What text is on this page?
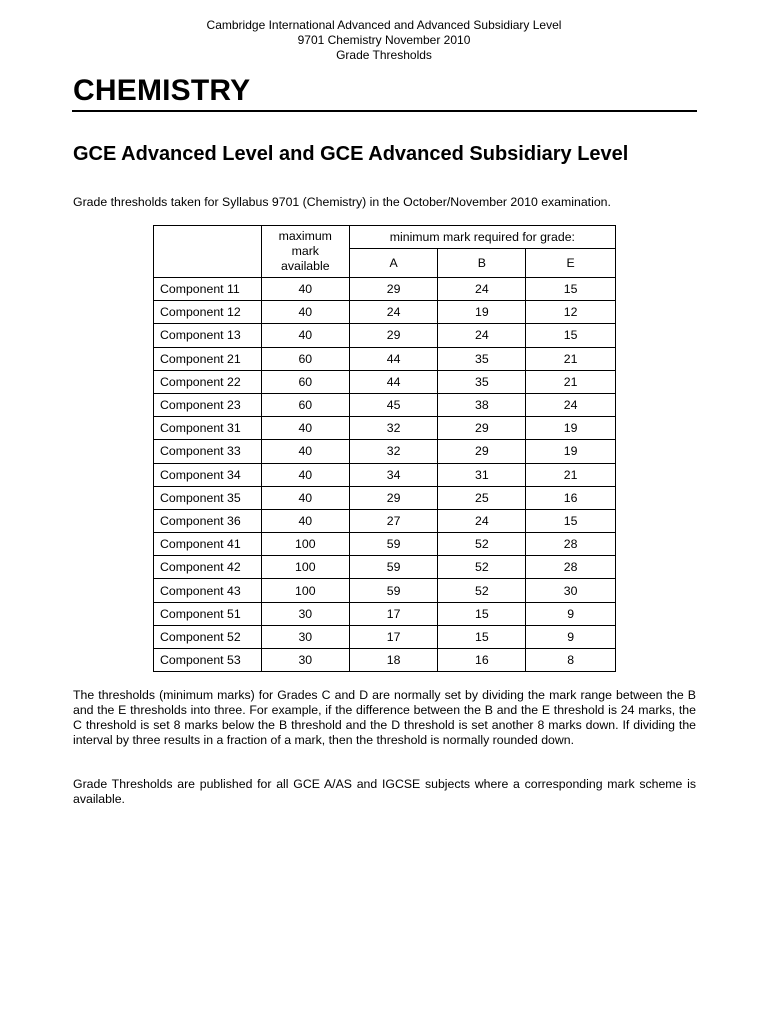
Cambridge International Advanced and Advanced Subsidiary Level
9701 Chemistry November 2010
Grade Thresholds
CHEMISTRY
GCE Advanced Level and GCE Advanced Subsidiary Level
Grade thresholds taken for Syllabus 9701 (Chemistry) in the October/November 2010 examination.

	maximum
mark
available	minimum mark required for grade:		
		A	B	E
Component 11	40	29	24	15
Component 12	40	24	19	12
Component 13	40	29	24	15
Component 21	60	44	35	21
Component 22	60	44	35	21
Component 23	60	45	38	24
Component 31	40	32	29	19
Component 33	40	32	29	19
Component 34	40	34	31	21
Component 35	40	29	25	16
Component 36	40	27	24	15
Component 41	100	59	52	28
Component 42	100	59	52	28
Component 43	100	59	52	30
Component 51	30	17	15	9
Component 52	30	17	15	9
Component 53	30	18	16	8
The thresholds (minimum marks) for Grades C and D are normally set by dividing the mark range between the B and the E thresholds into three. For example, if the difference between the B and the E threshold is 24 marks, the C threshold is set 8 marks below the B threshold and the D threshold is set another 8 marks down. If dividing the interval by three results in a fraction of a mark, then the threshold is normally rounded down.
Grade Thresholds are published for all GCE A/AS and IGCSE subjects where a corresponding mark scheme is available.
